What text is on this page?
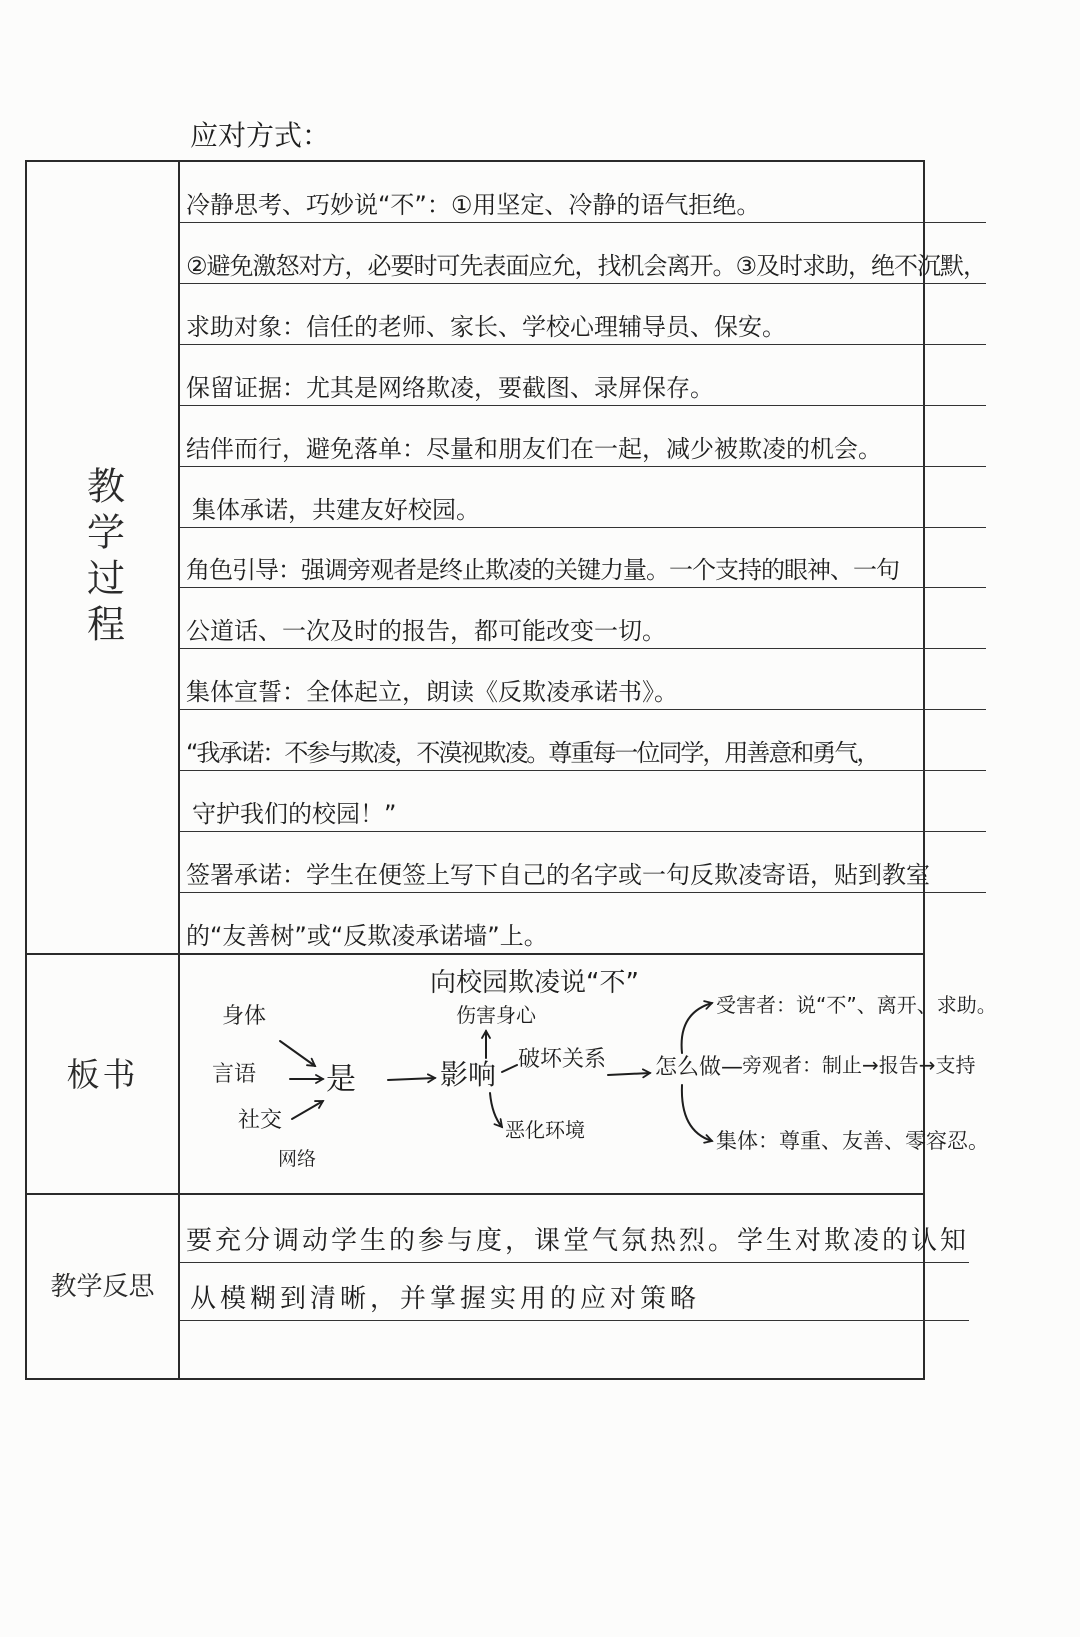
应对方式：
教学过程
冷静思考、巧妙说“不”：①用坚定、冷静的语气拒绝。
②避免激怒对方，必要时可先表面应允，找机会离开。③及时求助，绝不沉默，
求助对象：信任的老师、家长、学校心理辅导员、保安。
保留证据：尤其是网络欺凌，要截图、录屏保存。
结伴而行，避免落单：尽量和朋友们在一起，减少被欺凌的机会。
集体承诺，共建友好校园。
角色引导：强调旁观者是终止欺凌的关键力量。一个支持的眼神、一句
公道话、一次及时的报告，都可能改变一切。
集体宣誓：全体起立，朗读《反欺凌承诺书》。
“我承诺：不参与欺凌，不漠视欺凌。尊重每一位同学，用善意和勇气，
守护我们的校园！”
签署承诺：学生在便签上写下自己的名字或一句反欺凌寄语，贴到教室
的“友善树”或“反欺凌承诺墙”上。
板书
向校园欺凌说“不”
身体
言语
社交
网络
是	影响
伤害身心
破坏关系
恶化环境
怎么做—
受害者：说“不”、离开、求助。
旁观者：制止→报告→支持
集体：尊重、友善、零容忍。
教学反思
要充分调动学生的参与度，课堂气氛热烈。学生对欺凌的认知
从模糊到清晰，并掌握实用的应对策略
